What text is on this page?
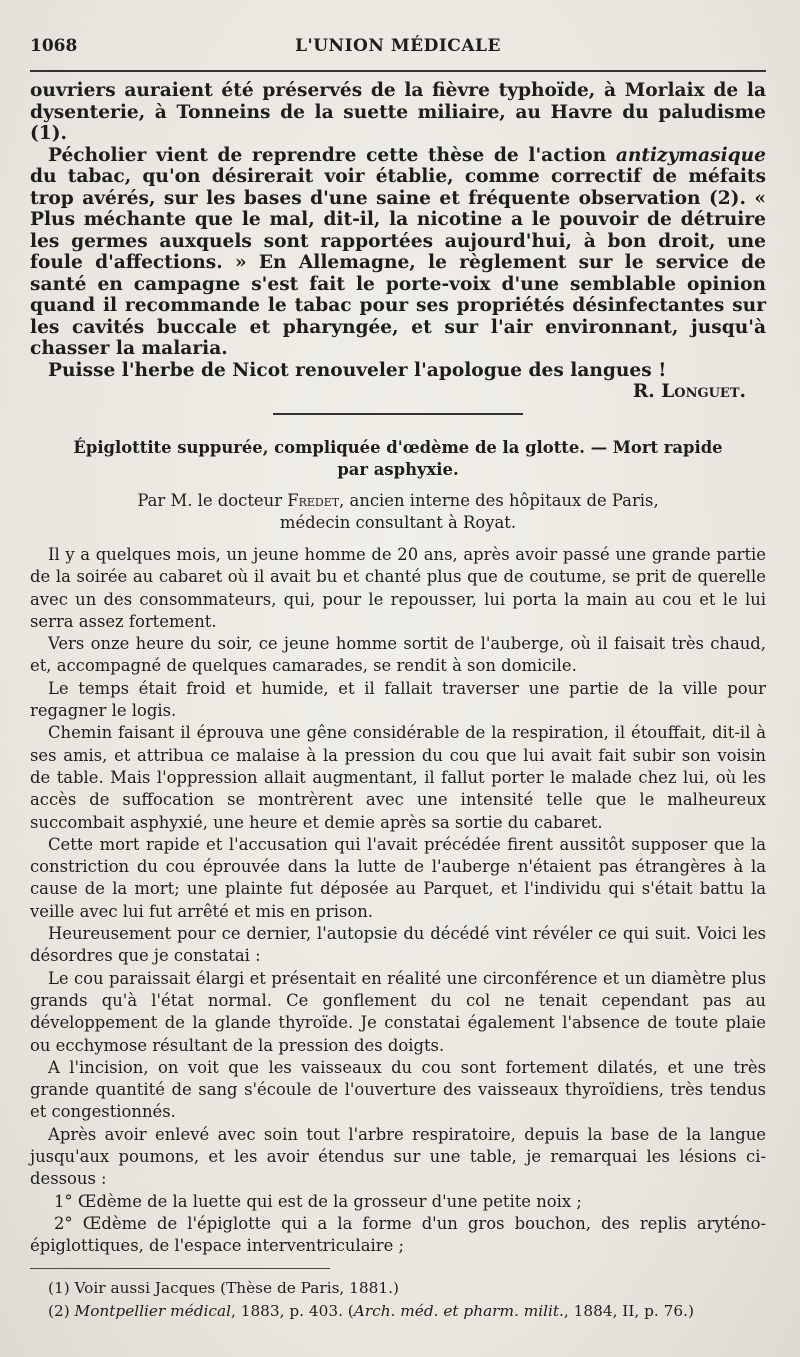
1068	L'UNION MÉDICALE

ouvriers auraient été préservés de la fièvre typhoïde, à Morlaix de la dysenterie, à Tonneins de la suette miliaire, au Havre du paludisme (1).

Pécholier vient de reprendre cette thèse de l'action antizymasique du tabac, qu'on désirerait voir établie, comme correctif de méfaits trop avérés, sur les bases d'une saine et fréquente observation (2). « Plus méchante que le mal, dit-il, la nicotine a le pouvoir de détruire les germes auxquels sont rapportées aujourd'hui, à bon droit, une foule d'affections. » En Allemagne, le règlement sur le service de santé en campagne s'est fait le porte-voix d'une semblable opinion quand il recommande le tabac pour ses propriétés désinfectantes sur les cavités buccale et pharyngée, et sur l'air environnant, jusqu'à chasser la malaria.

Puisse l'herbe de Nicot renouveler l'apologue des langues !

R. Longuet.
Épiglottite suppurée, compliquée d'œdème de la glotte. — Mort rapide
par asphyxie.
Par M. le docteur Fredet, ancien interne des hôpitaux de Paris,
médecin consultant à Royat.

Il y a quelques mois, un jeune homme de 20 ans, après avoir passé une grande partie de la soirée au cabaret où il avait bu et chanté plus que de coutume, se prit de querelle avec un des consommateurs, qui, pour le repousser, lui porta la main au cou et le lui serra assez fortement.

Vers onze heure du soir, ce jeune homme sortit de l'auberge, où il faisait très chaud, et, accompagné de quelques camarades, se rendit à son domicile.

Le temps était froid et humide, et il fallait traverser une partie de la ville pour regagner le logis.

Chemin faisant il éprouva une gêne considérable de la respiration, il étouffait, dit-il à ses amis, et attribua ce malaise à la pression du cou que lui avait fait subir son voisin de table. Mais l'oppression allait augmentant, il fallut porter le malade chez lui, où les accès de suffocation se montrèrent avec une intensité telle que le malheureux succombait asphyxié, une heure et demie après sa sortie du cabaret.

Cette mort rapide et l'accusation qui l'avait précédée firent aussitôt supposer que la constriction du cou éprouvée dans la lutte de l'auberge n'étaient pas étrangères à la cause de la mort; une plainte fut déposée au Parquet, et l'individu qui s'était battu la veille avec lui fut arrêté et mis en prison.

Heureusement pour ce dernier, l'autopsie du décédé vint révéler ce qui suit. Voici les désordres que je constatai :

Le cou paraissait élargi et présentait en réalité une circonférence et un diamètre plus grands qu'à l'état normal. Ce gonflement du col ne tenait cependant pas au développement de la glande thyroïde. Je constatai également l'absence de toute plaie ou ecchymose résultant de la pression des doigts.

A l'incision, on voit que les vaisseaux du cou sont fortement dilatés, et une très grande quantité de sang s'écoule de l'ouverture des vaisseaux thyroïdiens, très tendus et congestionnés.

Après avoir enlevé avec soin tout l'arbre respiratoire, depuis la base de la langue jusqu'aux poumons, et les avoir étendus sur une table, je remarquai les lésions ci-dessous :

1° Œdème de la luette qui est de la grosseur d'une petite noix ;

2° Œdème de l'épiglotte qui a la forme d'un gros bouchon, des replis aryténo-épiglottiques, de l'espace interventriculaire ;

(1) Voir aussi Jacques (Thèse de Paris, 1881.)

(2) Montpellier médical, 1883, p. 403. (Arch. méd. et pharm. milit., 1884, II, p. 76.)
